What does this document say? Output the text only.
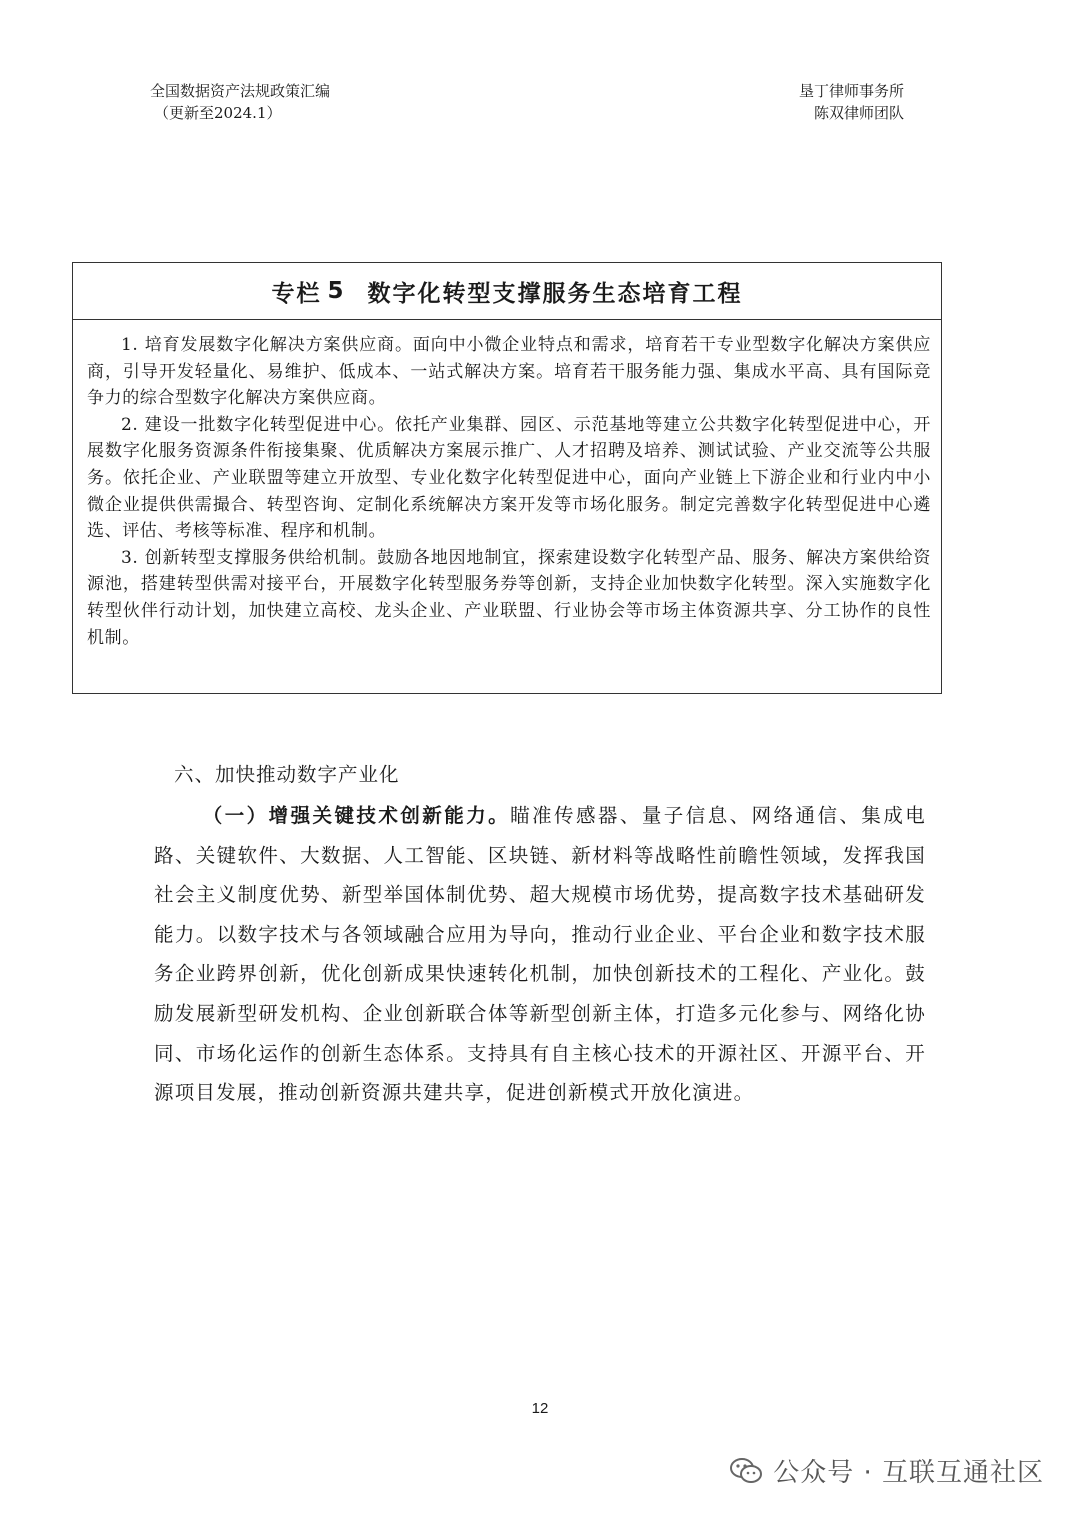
全国数据资产法规政策汇编
（更新至2024.1）
垦丁律师事务所
陈双律师团队
专栏 5 数字化转型支撑服务生态培育工程

1. 培育发展数字化解决方案供应商。面向中小微企业特点和需求，培育若干专业型数字化解决方案供应商，引导开发轻量化、易维护、低成本、一站式解决方案。培育若干服务能力强、集成水平高、具有国际竞争力的综合型数字化解决方案供应商。

2. 建设一批数字化转型促进中心。依托产业集群、园区、示范基地等建立公共数字化转型促进中心，开展数字化服务资源条件衔接集聚、优质解决方案展示推广、人才招聘及培养、测试试验、产业交流等公共服务。依托企业、产业联盟等建立开放型、专业化数字化转型促进中心，面向产业链上下游企业和行业内中小微企业提供供需撮合、转型咨询、定制化系统解决方案开发等市场化服务。制定完善数字化转型促进中心遴选、评估、考核等标准、程序和机制。

3. 创新转型支撑服务供给机制。鼓励各地因地制宜，探索建设数字化转型产品、服务、解决方案供给资源池，搭建转型供需对接平台，开展数字化转型服务券等创新，支持企业加快数字化转型。深入实施数字化转型伙伴行动计划，加快建立高校、龙头企业、产业联盟、行业协会等市场主体资源共享、分工协作的良性机制。

六、加快推动数字产业化

（一）增强关键技术创新能力。瞄准传感器、量子信息、网络通信、集成电路、关键软件、大数据、人工智能、区块链、新材料等战略性前瞻性领域，发挥我国社会主义制度优势、新型举国体制优势、超大规模市场优势，提高数字技术基础研发能力。以数字技术与各领域融合应用为导向，推动行业企业、平台企业和数字技术服务企业跨界创新，优化创新成果快速转化机制，加快创新技术的工程化、产业化。鼓励发展新型研发机构、企业创新联合体等新型创新主体，打造多元化参与、网络化协同、市场化运作的创新生态体系。支持具有自主核心技术的开源社区、开源平台、开源项目发展，推动创新资源共建共享，促进创新模式开放化演进。

12
公众号 · 互联互通社区
